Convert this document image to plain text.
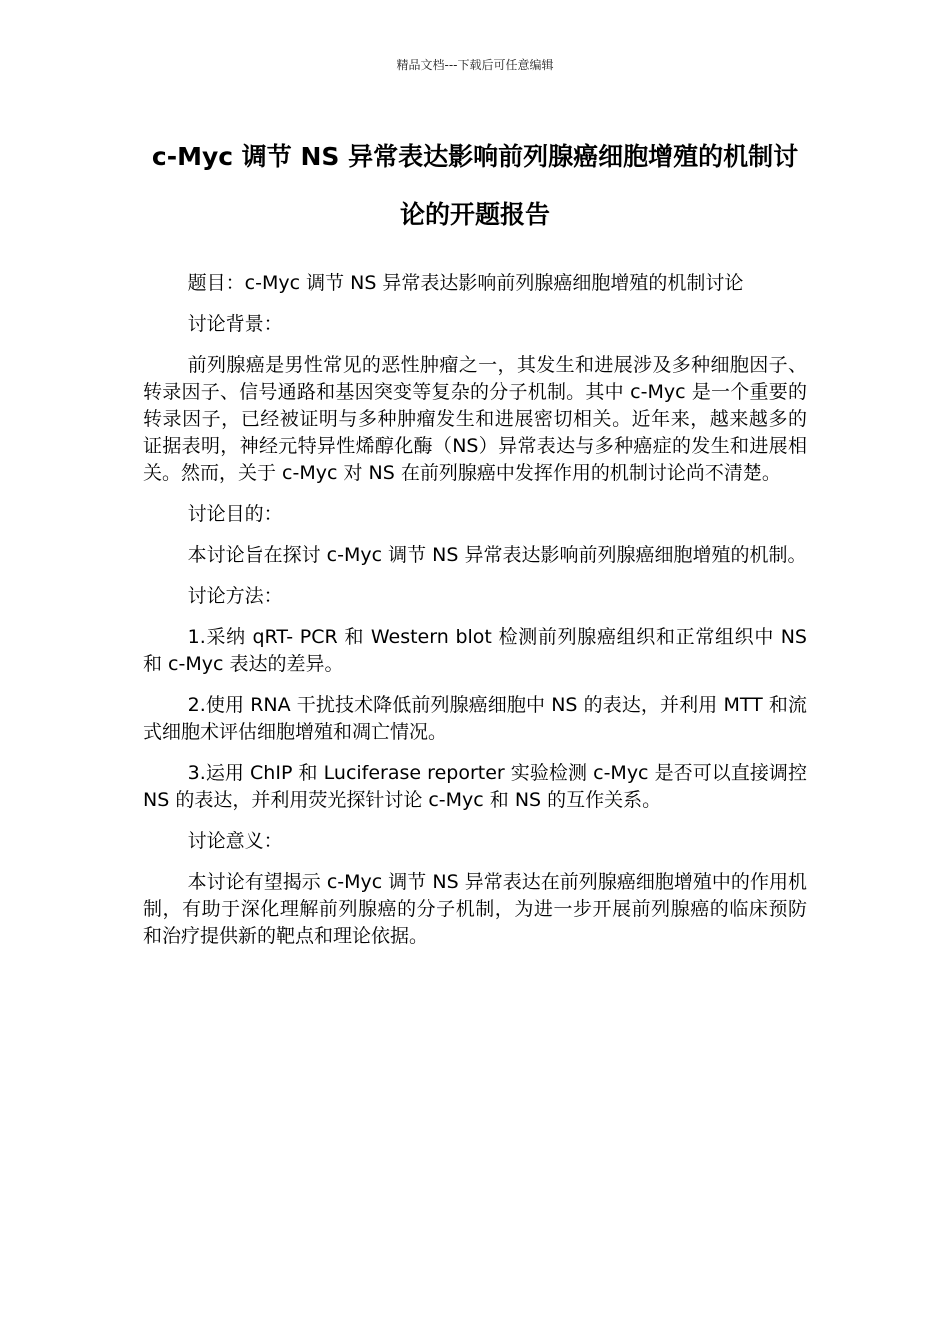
精品文档---下载后可任意编辑
c-Myc 调节 NS 异常表达影响前列腺癌细胞增殖的机制讨论的开题报告

题目：c-Myc 调节 NS 异常表达影响前列腺癌细胞增殖的机制讨论

讨论背景：

前列腺癌是男性常见的恶性肿瘤之一，其发生和进展涉及多种细胞因子、转录因子、信号通路和基因突变等复杂的分子机制。其中 c-Myc 是一个重要的转录因子，已经被证明与多种肿瘤发生和进展密切相关。近年来，越来越多的证据表明，神经元特异性烯醇化酶（NS）异常表达与多种癌症的发生和进展相关。然而，关于 c-Myc 对 NS 在前列腺癌中发挥作用的机制讨论尚不清楚。

讨论目的：

本讨论旨在探讨 c-Myc 调节 NS 异常表达影响前列腺癌细胞增殖的机制。

讨论方法：

1.采纳 qRT- PCR 和 Western blot 检测前列腺癌组织和正常组织中 NS 和 c-Myc 表达的差异。

2.使用 RNA 干扰技术降低前列腺癌细胞中 NS 的表达，并利用 MTT 和流式细胞术评估细胞增殖和凋亡情况。

3.运用 ChIP 和 Luciferase reporter 实验检测 c-Myc 是否可以直接调控 NS 的表达，并利用荧光探针讨论 c-Myc 和 NS 的互作关系。

讨论意义：

本讨论有望揭示 c-Myc 调节 NS 异常表达在前列腺癌细胞增殖中的作用机制，有助于深化理解前列腺癌的分子机制，为进一步开展前列腺癌的临床预防和治疗提供新的靶点和理论依据。
